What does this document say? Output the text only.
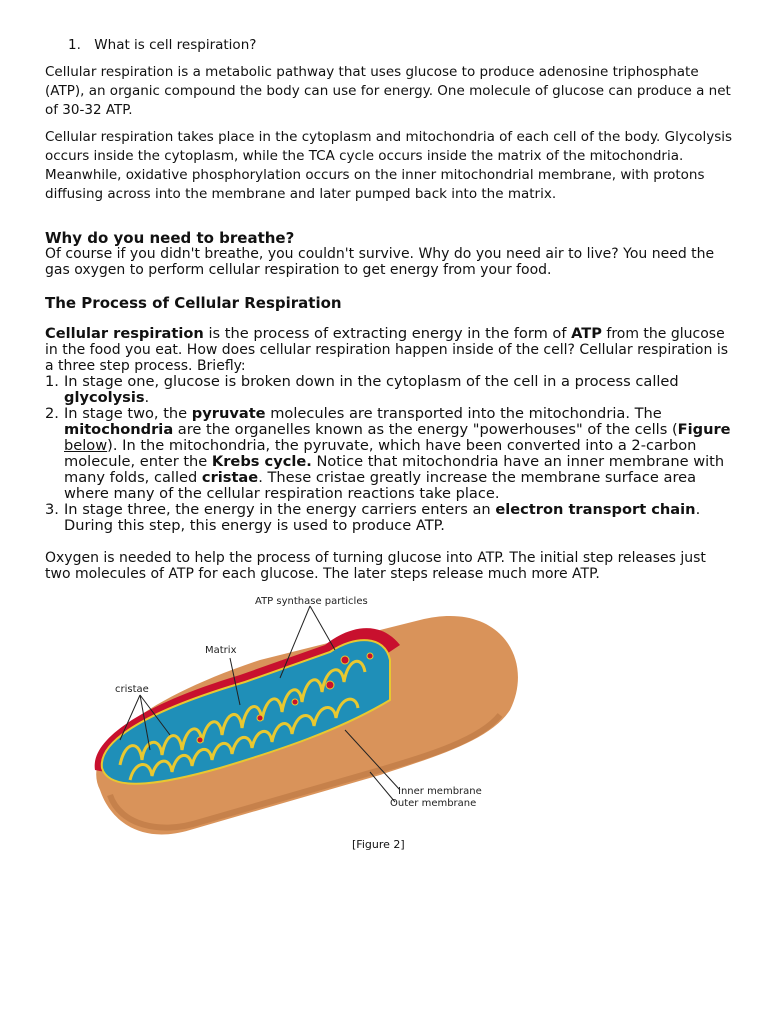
1. What is cell respiration?
Cellular respiration is a metabolic pathway that uses glucose to produce adenosine triphosphate (ATP), an organic compound the body can use for energy. One molecule of glucose can produce a net of 30-32 ATP.
Cellular respiration takes place in the cytoplasm and mitochondria of each cell of the body. Glycolysis occurs inside the cytoplasm, while the TCA cycle occurs inside the matrix of the mitochondria. Meanwhile, oxidative phosphorylation occurs on the inner mitochondrial membrane, with protons diffusing across into the membrane and later pumped back into the matrix.
Why do you need to breathe?
Of course if you didn't breathe, you couldn't survive. Why do you need air to live? You need the gas oxygen to perform cellular respiration to get energy from your food.
The Process of Cellular Respiration
Cellular respiration is the process of extracting energy in the form of ATP from the glucose in the food you eat. How does cellular respiration happen inside of the cell? Cellular respiration is a three step process. Briefly:
1. In stage one, glucose is broken down in the cytoplasm of the cell in a process called glycolysis.
2. In stage two, the pyruvate molecules are transported into the mitochondria. The mitochondria are the organelles known as the energy "powerhouses" of the cells (Figure below). In the mitochondria, the pyruvate, which have been converted into a 2-carbon molecule, enter the Krebs cycle. Notice that mitochondria have an inner membrane with many folds, called cristae. These cristae greatly increase the membrane surface area where many of the cellular respiration reactions take place.
3. In stage three, the energy in the energy carriers enters an electron transport chain. During this step, this energy is used to produce ATP.
Oxygen is needed to help the process of turning glucose into ATP. The initial step releases just two molecules of ATP for each glucose. The later steps release much more ATP.
ATP synthase particles
Matrix
cristae
Inner membrane
Outer membrane
[Figure 2]
